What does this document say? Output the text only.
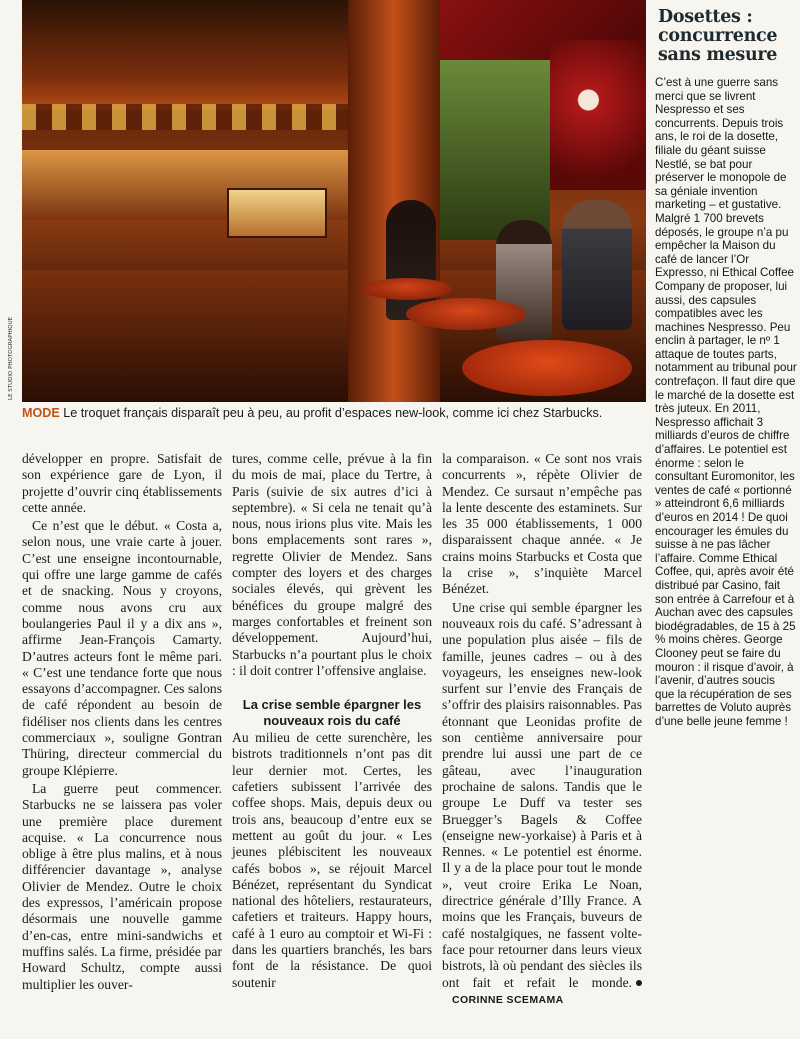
LE STUDIO PHOTOGRAPHIQUE
MODE Le troquet français disparaît peu à peu, au profit d’espaces new-look, comme ici chez Starbucks.
Dosettes : concurrence sans mesure

C’est à une guerre sans merci que se livrent Nespresso et ses concurrents. Depuis trois ans, le roi de la dosette, filiale du géant suisse Nestlé, se bat pour préserver le monopole de sa géniale invention marketing – et gustative. Malgré 1 700 brevets déposés, le groupe n’a pu empêcher la Maison du café de lancer l’Or Expresso, ni Ethical Coffee Company de proposer, lui aussi, des capsules compatibles avec les machines Nespresso. Peu enclin à partager, le nº 1 attaque de toutes parts, notamment au tribunal pour contrefaçon. Il faut dire que le marché de la dosette est très juteux. En 2011, Nespresso affichait 3 milliards d’euros de chiffre d’affaires. Le potentiel est énorme : selon le consultant Euromonitor, les ventes de café « portionné » atteindront 6,6 milliards d’euros en 2014 ! De quoi encourager les émules du suisse à ne pas lâcher l’affaire. Comme Ethical Coffee, qui, après avoir été distribué par Casino, fait son entrée à Carrefour et à Auchan avec des capsules biodégradables, de 15 à 25 % moins chères. George Clooney peut se faire du mouron : il risque d’avoir, à l’avenir, d’autres soucis que la récupération de ses barrettes de Voluto auprès d’une belle jeune femme !

développer en propre. Satisfait de son expérience gare de Lyon, il projette d’ouvrir cinq établissements cette année.

Ce n’est que le début. « Costa a, selon nous, une vraie carte à jouer. C’est une enseigne incontournable, qui offre une large gamme de cafés et de snacking. Nous y croyons, comme nous avons cru aux boulangeries Paul il y a dix ans », affirme Jean-François Camarty. D’autres acteurs font le même pari. « C’est une tendance forte que nous essayons d’accompagner. Ces salons de café répondent au besoin de fidéliser nos clients dans les centres commerciaux », souligne Gontran Thüring, directeur commercial du groupe Klépierre.

La guerre peut commencer. Starbucks ne se laissera pas voler une première place durement acquise. « La concurrence nous oblige à être plus malins, et à nous différencier davantage », analyse Olivier de Mendez. Outre le choix des expressos, l’américain propose désormais une nouvelle gamme d’en-cas, entre mini-sandwichs et muffins salés. La firme, présidée par Howard Schultz, compte aussi multiplier les ouver-

tures, comme celle, prévue à la fin du mois de mai, place du Tertre, à Paris (suivie de six autres d’ici à septembre). « Si cela ne tenait qu’à nous, nous irions plus vite. Mais les bons emplacements sont rares », regrette Olivier de Mendez. Sans compter des loyers et des charges sociales élevés, qui grèvent les bénéfices du groupe malgré des marges confortables et freinent son développement. Aujourd’hui, Starbucks n’a pourtant plus le choix : il doit contrer l’offensive anglaise.

La crise semble épargner les nouveaux rois du café

Au milieu de cette surenchère, les bistrots traditionnels n’ont pas dit leur dernier mot. Certes, les cafetiers subissent l’arrivée des coffee shops. Mais, depuis deux ou trois ans, beaucoup d’entre eux se mettent au goût du jour. « Les jeunes plébiscitent les nouveaux cafés bobos », se réjouit Marcel Bénézet, représentant du Syndicat national des hôteliers, restaurateurs, cafetiers et traiteurs. Happy hours, café à 1 euro au comptoir et Wi-Fi : dans les quartiers branchés, les bars font de la résistance. De quoi soutenir

la comparaison. « Ce sont nos vrais concurrents », répète Olivier de Mendez. Ce sursaut n’empêche pas la lente descente des estaminets. Sur les 35 000 établissements, 1 000 disparaissent chaque année. « Je crains moins Starbucks et Costa que la crise », s’inquiète Marcel Bénézet.

Une crise qui semble épargner les nouveaux rois du café. S’adressant à une population plus aisée – fils de famille, jeunes cadres – ou à des voyageurs, les enseignes new-look surfent sur l’envie des Français de s’offrir des plaisirs raisonnables. Pas étonnant que Leonidas profite de son centième anniversaire pour prendre lui aussi une part de ce gâteau, avec l’inauguration prochaine de salons. Tandis que le groupe Le Duff va tester ses Bruegger’s Bagels & Coffee (enseigne new-yorkaise) à Paris et à Rennes. « Le potentiel est énorme. Il y a de la place pour tout le monde », veut croire Erika Le Noan, directrice générale d’Illy France. A moins que les Français, buveurs de café nostalgiques, ne fassent volte-face pour retourner dans leurs vieux bistrots, là où pendant des siècles ils ont fait et refait le monde.CORINNE SCEMAMA
